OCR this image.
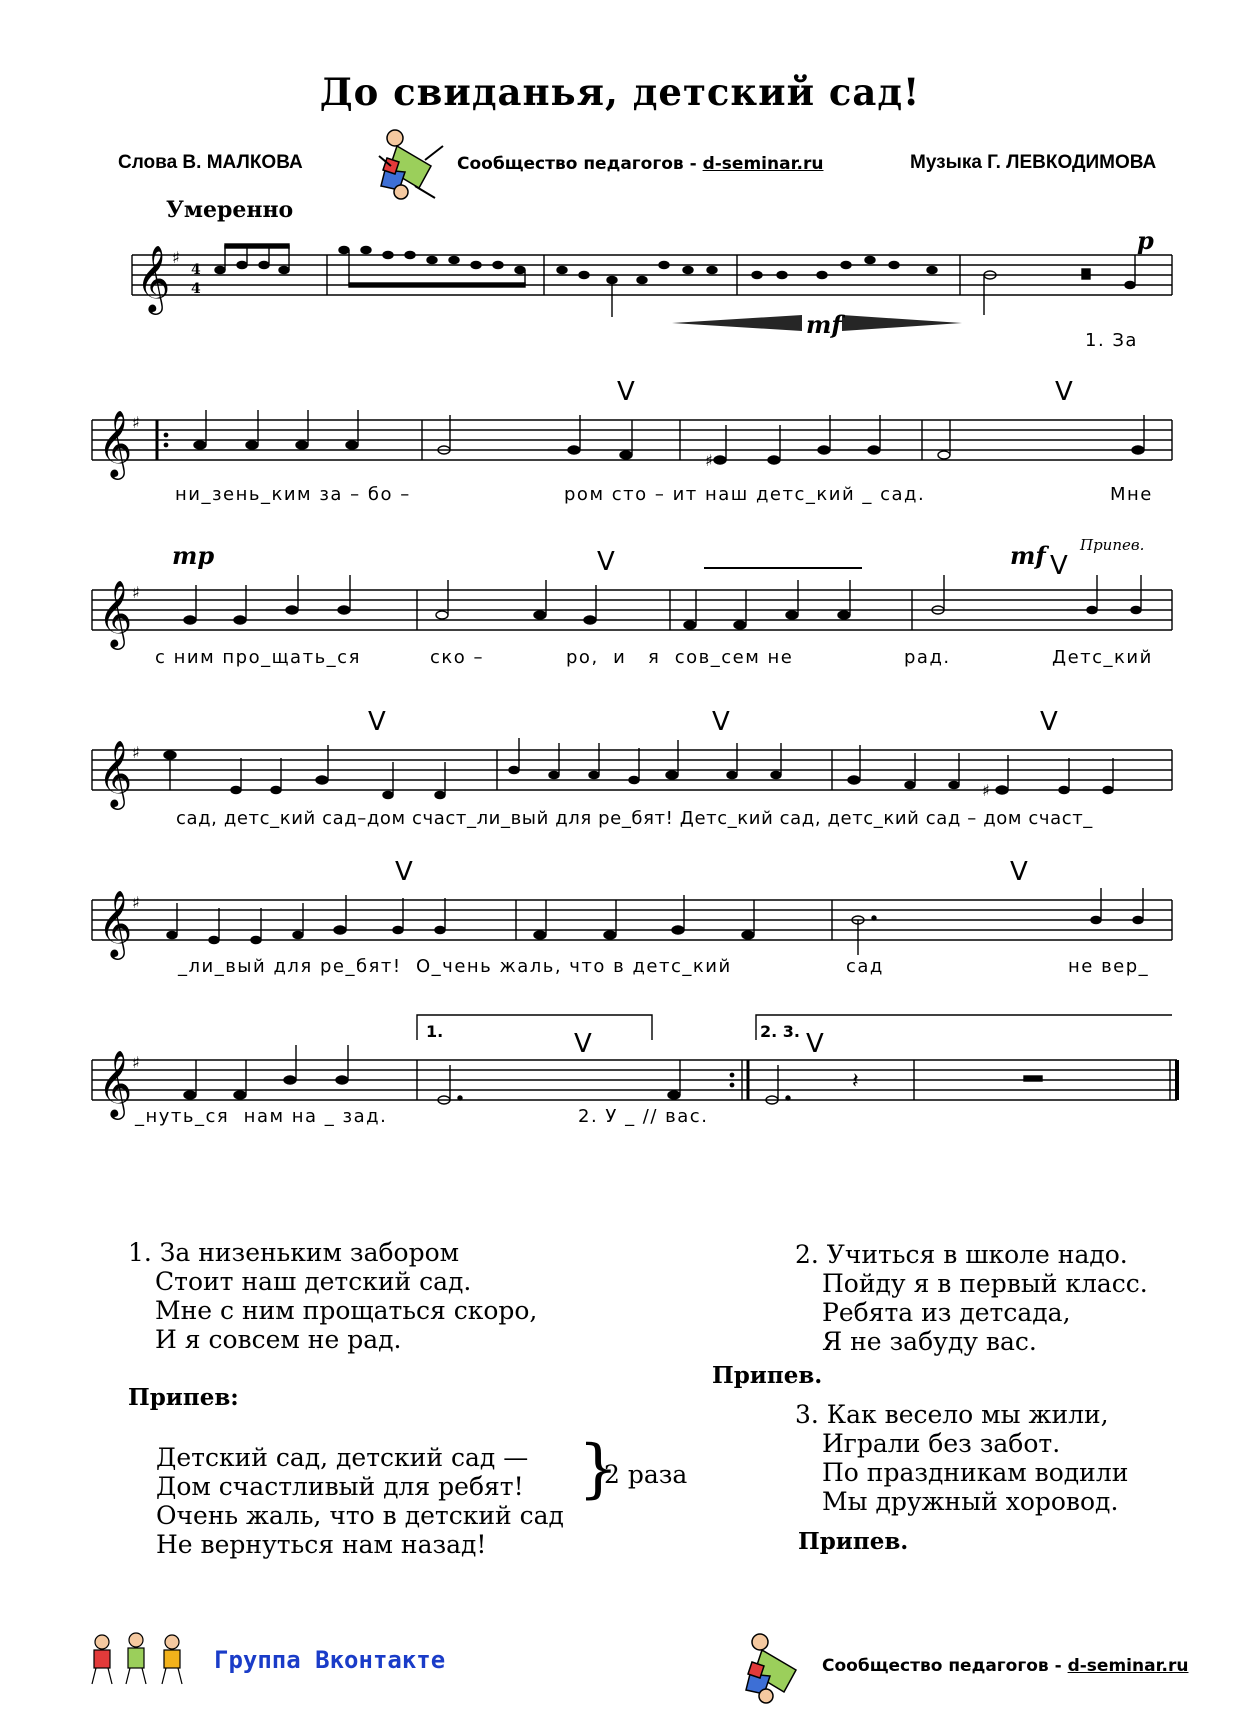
До свиданья, детский сад!
Слова В. МАЛКОВА	Музыка Г. ЛЕВКОДИМОВА
Сообщество педагогов - d-seminar.ru
Умеренно
𝄞 ♯
4
4
p
mf
1. За
𝄞 ♯
♯
V	V
ни_зень_ким за – бо –	ром сто – ит наш детс_кий _ сад.	Мне
𝄞 ♯
mp	mf Припев.
V	V
с ним про_щать_ся	ско –	ро,  и   я  сов_сем не	рад.	Детс_кий
𝄞 ♯
V	V	V
♯
сад, детс_кий сад–дом счаст_ли_вый для ре_бят! Детс_кий сад, детс_кий сад – дом счаст_
𝄞 ♯
V	V
_ли_вый для ре_бят!  О_чень жаль, что в детс_кий	сад	не вер_
1.	2. 3.
𝄞 ♯
V	V
𝄽
_нуть_ся  нам на _ зад.	2. У _ // вас.
1. За низеньким забором
Стоит наш детский сад.
Мне с ним прощаться скоро,
И я совсем не рад.
Припев:
Детский сад, детский сад —
Дом счастливый для ребят!
Очень жаль, что в детский сад
Не вернуться нам назад!
}
2 раза
2. Учиться в школе надо.
Пойду я в первый класс.
Ребята из детсада,
Я не забуду вас.
Припев.
3. Как весело мы жили,
Играли без забот.
По праздникам водили
Мы дружный хоровод.
Припев.
Группа Вконтакте	Сообщество педагогов - d-seminar.ru
